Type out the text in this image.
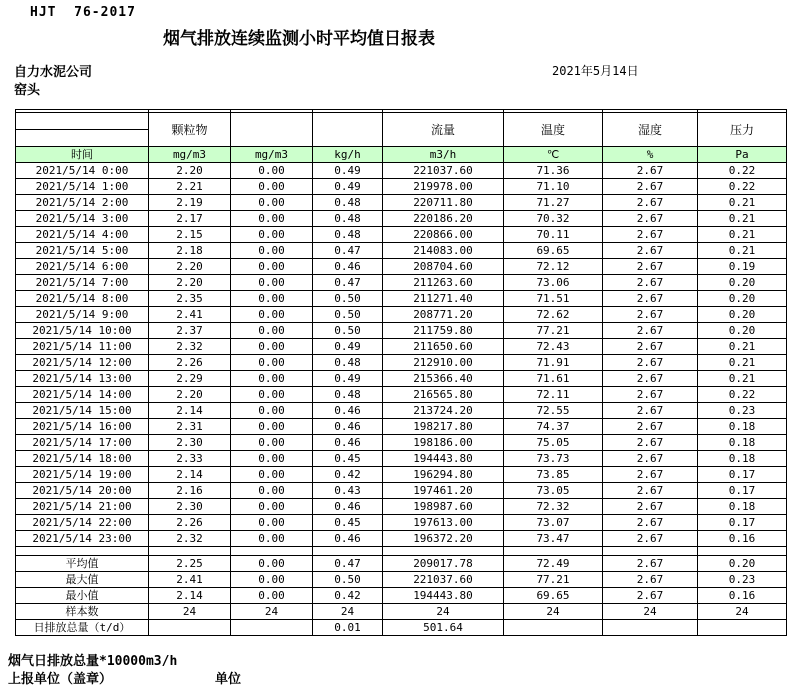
HJT  76-2017
烟气排放连续监测小时平均值日报表
自力水泥公司
窑头
2021年5月14日

	颗粒物			流量	温度	湿度	压力

时间	mg/m3	mg/m3	kg/h	m3/h	℃	%	Pa
2021/5/14 0:00	2.20	0.00	0.49	221037.60	71.36	2.67	0.22
2021/5/14 1:00	2.21	0.00	0.49	219978.00	71.10	2.67	0.22
2021/5/14 2:00	2.19	0.00	0.48	220711.80	71.27	2.67	0.21
2021/5/14 3:00	2.17	0.00	0.48	220186.20	70.32	2.67	0.21
2021/5/14 4:00	2.15	0.00	0.48	220866.00	70.11	2.67	0.21
2021/5/14 5:00	2.18	0.00	0.47	214083.00	69.65	2.67	0.21
2021/5/14 6:00	2.20	0.00	0.46	208704.60	72.12	2.67	0.19
2021/5/14 7:00	2.20	0.00	0.47	211263.60	73.06	2.67	0.20
2021/5/14 8:00	2.35	0.00	0.50	211271.40	71.51	2.67	0.20
2021/5/14 9:00	2.41	0.00	0.50	208771.20	72.62	2.67	0.20
2021/5/14 10:00	2.37	0.00	0.50	211759.80	77.21	2.67	0.20
2021/5/14 11:00	2.32	0.00	0.49	211650.60	72.43	2.67	0.21
2021/5/14 12:00	2.26	0.00	0.48	212910.00	71.91	2.67	0.21
2021/5/14 13:00	2.29	0.00	0.49	215366.40	71.61	2.67	0.21
2021/5/14 14:00	2.20	0.00	0.48	216565.80	72.11	2.67	0.22
2021/5/14 15:00	2.14	0.00	0.46	213724.20	72.55	2.67	0.23
2021/5/14 16:00	2.31	0.00	0.46	198217.80	74.37	2.67	0.18
2021/5/14 17:00	2.30	0.00	0.46	198186.00	75.05	2.67	0.18
2021/5/14 18:00	2.33	0.00	0.45	194443.80	73.73	2.67	0.18
2021/5/14 19:00	2.14	0.00	0.42	196294.80	73.85	2.67	0.17
2021/5/14 20:00	2.16	0.00	0.43	197461.20	73.05	2.67	0.17
2021/5/14 21:00	2.30	0.00	0.46	198987.60	72.32	2.67	0.18
2021/5/14 22:00	2.26	0.00	0.45	197613.00	73.07	2.67	0.17
2021/5/14 23:00	2.32	0.00	0.46	196372.20	73.47	2.67	0.16

平均值	2.25	0.00	0.47	209017.78	72.49	2.67	0.20
最大值	2.41	0.00	0.50	221037.60	77.21	2.67	0.23
最小值	2.14	0.00	0.42	194443.80	69.65	2.67	0.16
样本数	24	24	24	24	24	24	24
日排放总量（t/d）			0.01	501.64			
烟气日排放总量*10000m3/h
上报单位（盖章）	单位
